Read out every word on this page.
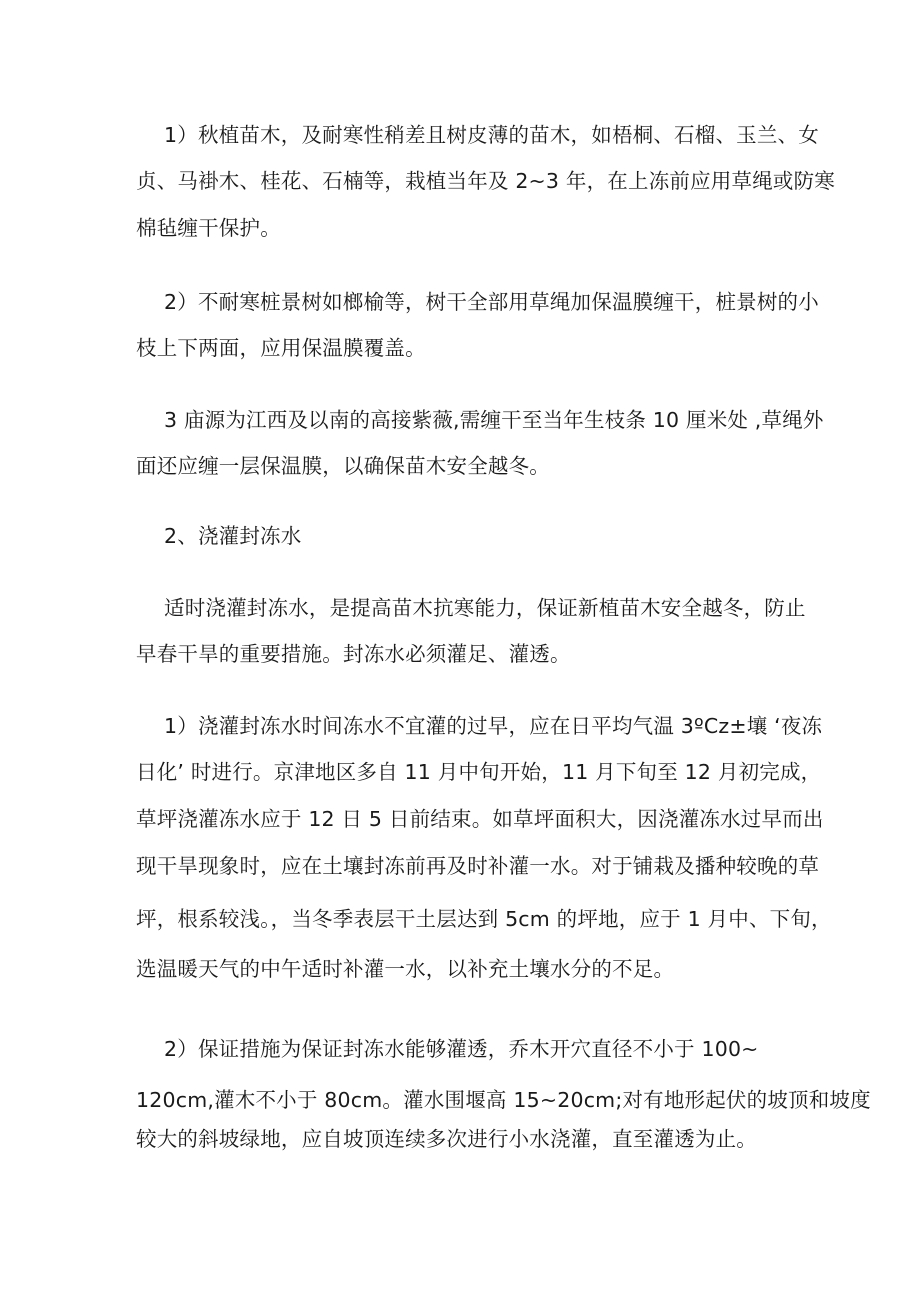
1）秋植苗木，及耐寒性稍差且树皮薄的苗木，如梧桐、石榴、玉兰、女
贞、马褂木、桂花、石楠等，栽植当年及 2~3 年，在上冻前应用草绳或防寒
棉毡缠干保护。
2）不耐寒桩景树如榔榆等，树干全部用草绳加保温膜缠干，桩景树的小
枝上下两面，应用保温膜覆盖。
3 庙源为江西及以南的高接紫薇,需缠干至当年生枝条 10 厘米处 ,草绳外
面还应缠一层保温膜，以确保苗木安全越冬。
2、浇灌封冻水
适时浇灌封冻水，是提高苗木抗寒能力，保证新植苗木安全越冬，防止
早春干旱的重要措施。封冻水必须灌足、灌透。
1）浇灌封冻水时间冻水不宜灌的过早，应在日平均气温 3ºCz±壤 ‘夜冻
日化’ 时进行。京津地区多自 11 月中旬开始，11 月下旬至 12 月初完成，
草坪浇灌冻水应于 12 日 5 日前结束。如草坪面积大，因浇灌冻水过早而出
现干旱现象时，应在土壤封冻前再及时补灌一水。对于铺栽及播种较晚的草
坪，根系较浅。，当冬季表层干土层达到 5cm 的坪地，应于 1 月中、下旬，
选温暖天气的中午适时补灌一水，以补充土壤水分的不足。
2）保证措施为保证封冻水能够灌透，乔木开穴直径不小于 100~
120cm,灌木不小于 80cm。灌水围堰高 15~20cm;对有地形起伏的坡顶和坡度
较大的斜坡绿地，应自坡顶连续多次进行小水浇灌，直至灌透为止。
